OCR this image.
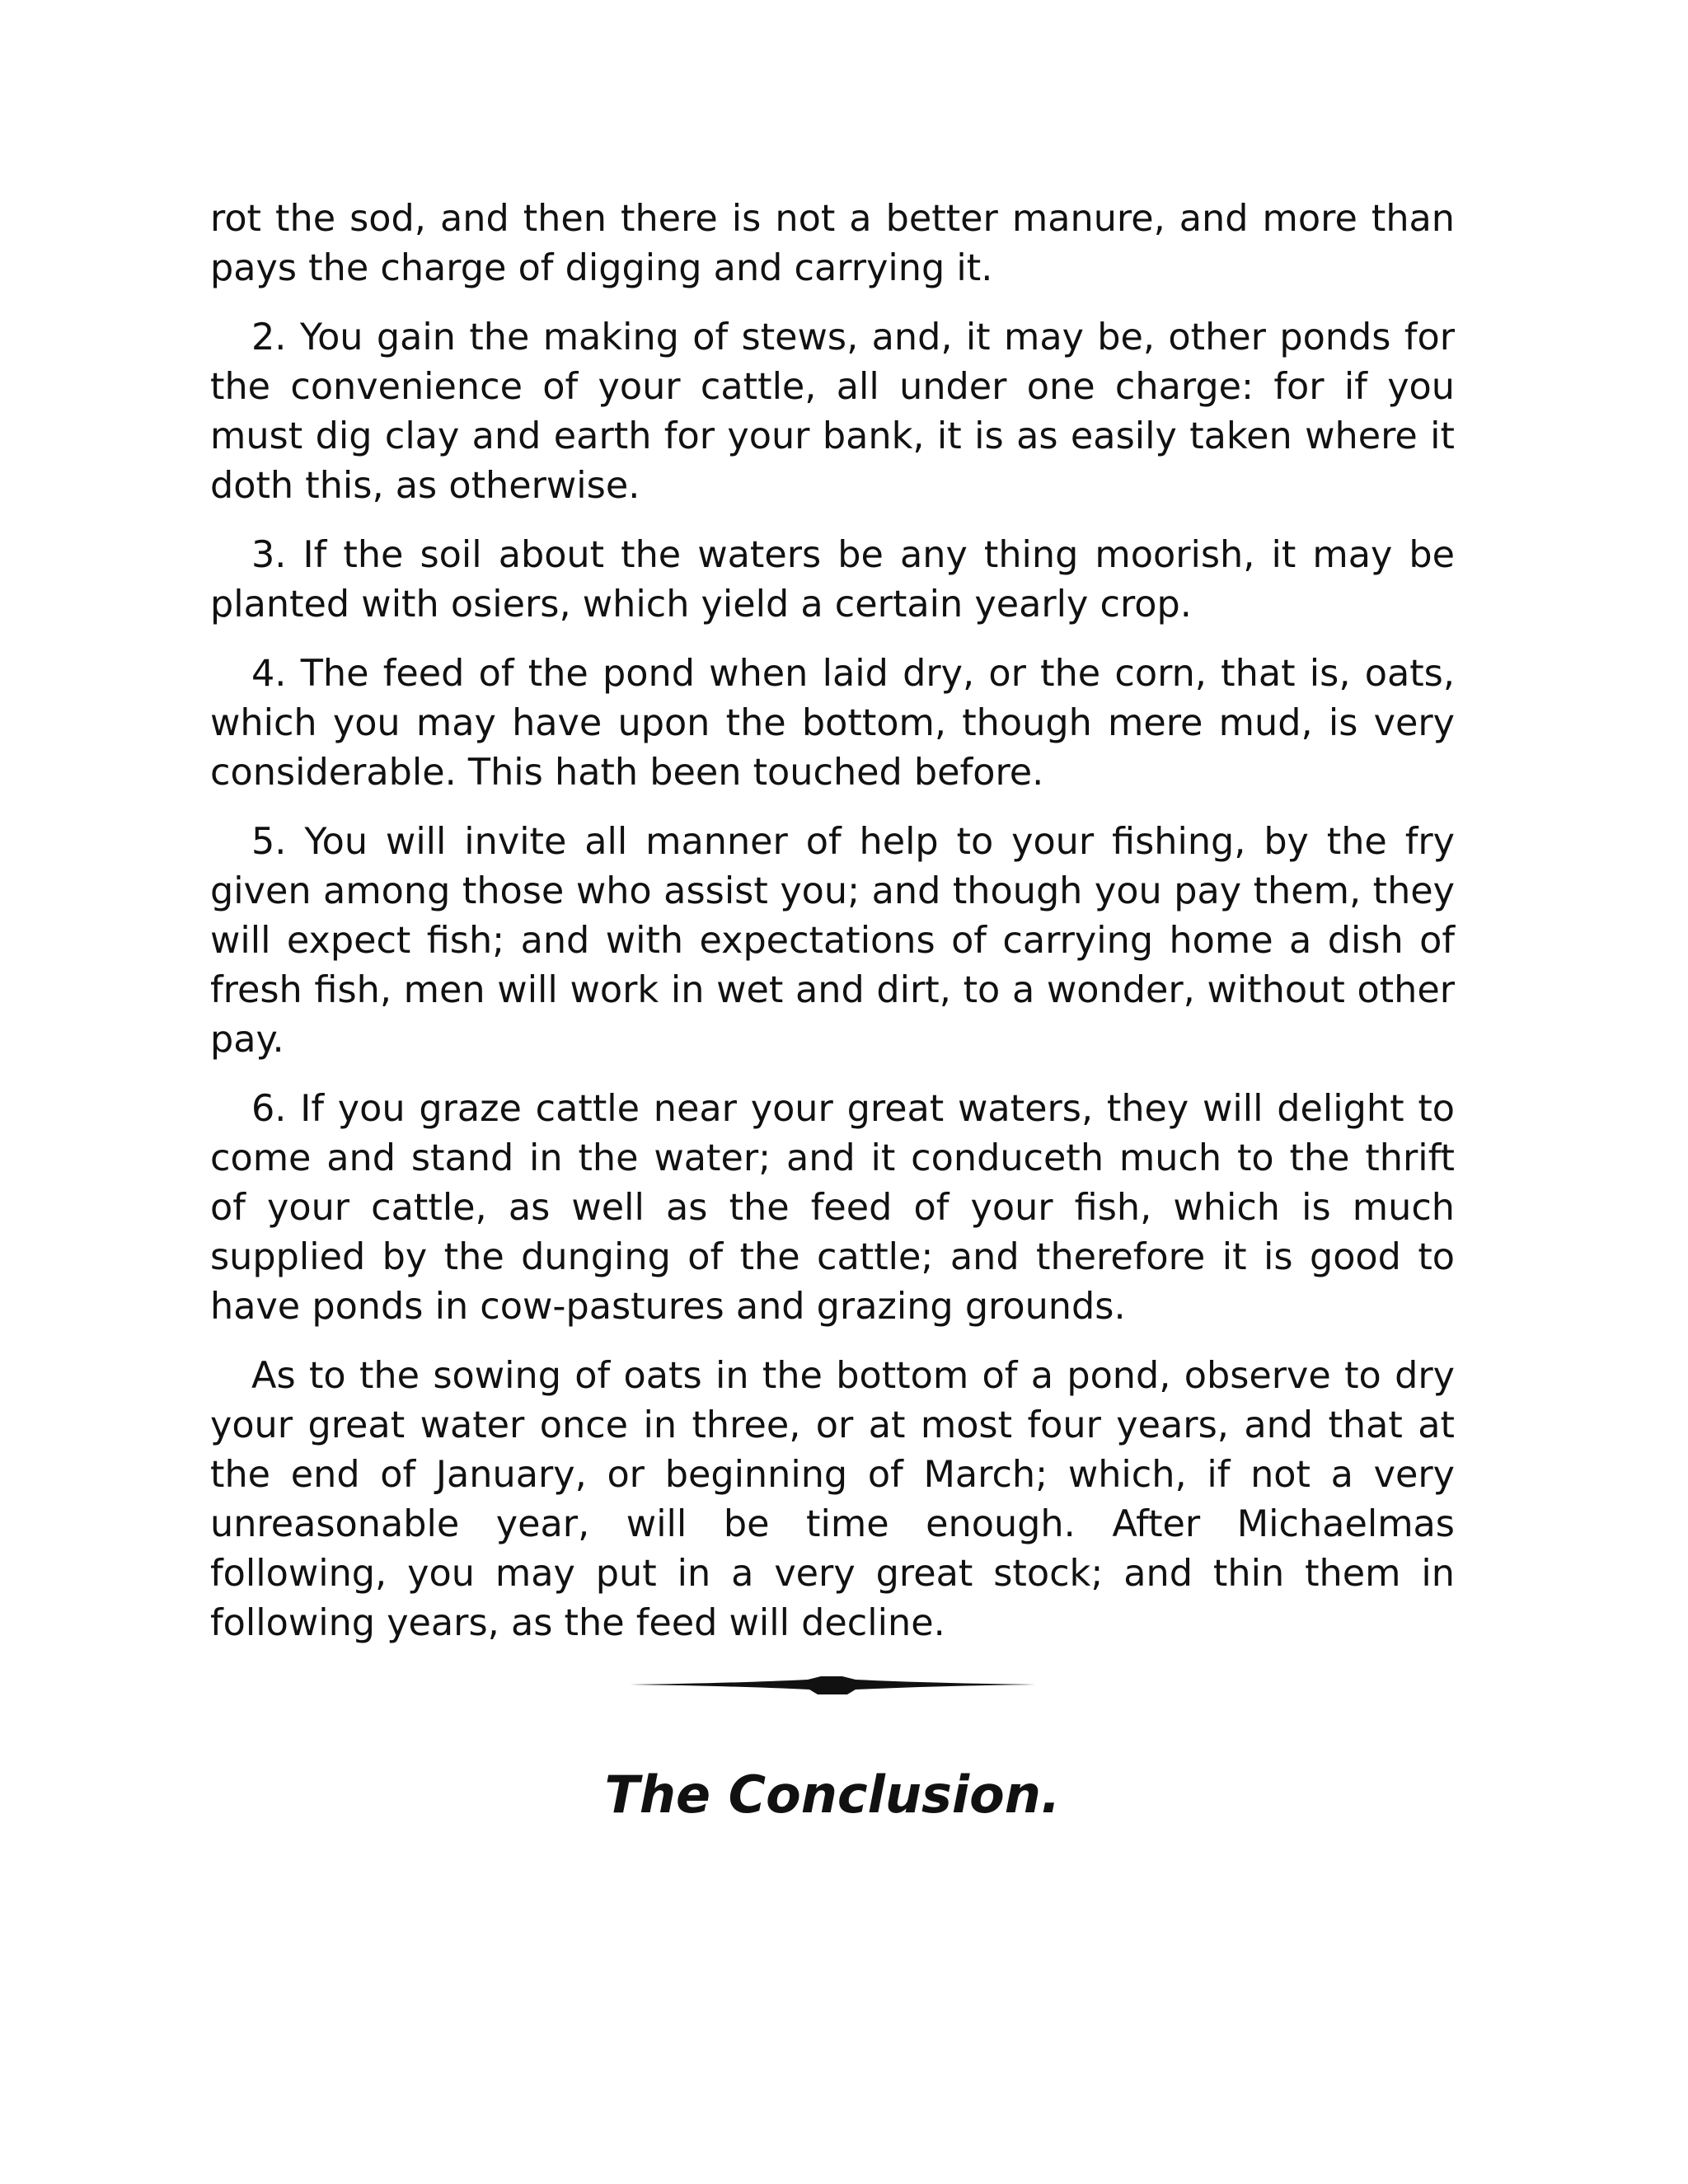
rot the sod, and then there is not a better manure, and more than pays the charge of digging and carrying it.

2. You gain the making of stews, and, it may be, other ponds for the convenience of your cattle, all under one charge: for if you must dig clay and earth for your bank, it is as easily taken where it doth this, as otherwise.

3. If the soil about the waters be any thing moorish, it may be planted with osiers, which yield a certain yearly crop.

4. The feed of the pond when laid dry, or the corn, that is, oats, which you may have upon the bottom, though mere mud, is very considerable. This hath been touched before.

5. You will invite all manner of help to your fishing, by the fry given among those who assist you; and though you pay them, they will expect fish; and with expectations of carrying home a dish of fresh fish, men will work in wet and dirt, to a wonder, without other pay.

6. If you graze cattle near your great waters, they will delight to come and stand in the water; and it conduceth much to the thrift of your cattle, as well as the feed of your fish, which is much supplied by the dunging of the cattle; and therefore it is good to have ponds in cow-pastures and grazing grounds.

As to the sowing of oats in the bottom of a pond, observe to dry your great water once in three, or at most four years, and that at the end of January, or beginning of March; which, if not a very unreasonable year, will be time enough. After Michaelmas following, you may put in a very great stock; and thin them in following years, as the feed will decline.

The Conclusion.
